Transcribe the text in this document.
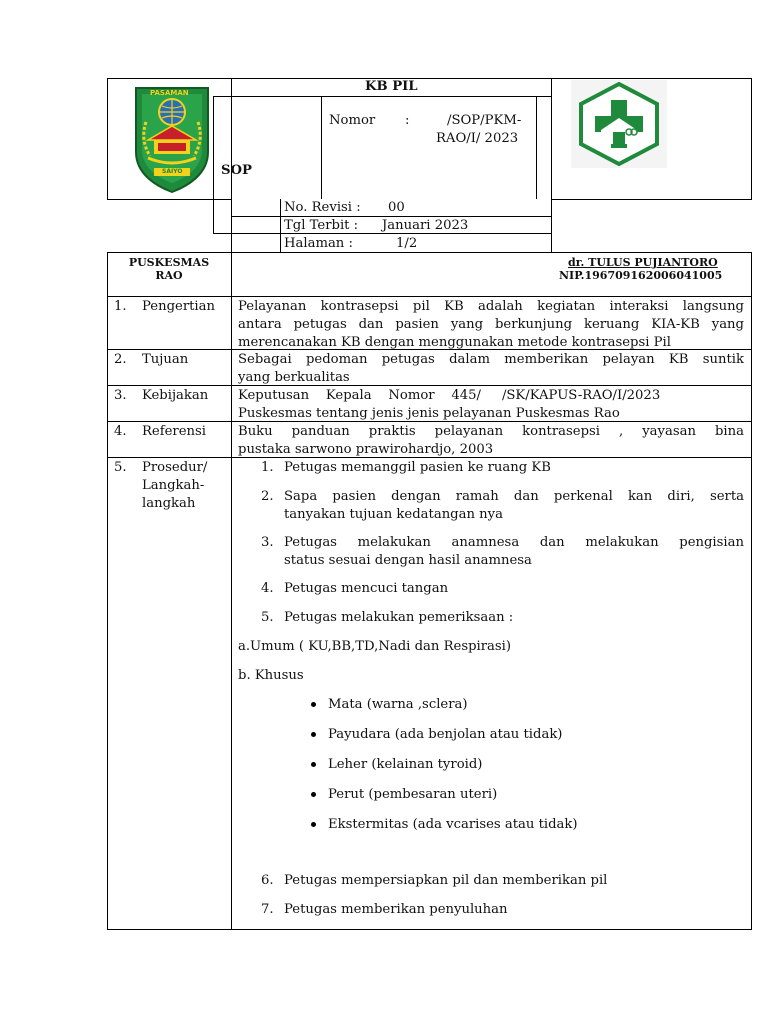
PASAMAN
SAIYO
KB PIL
SOP
Nomor :	/SOP/PKM-
RAO/I/ 2023
No. Revisi : 00
Tgl Terbit : Januari 2023
Halaman :	1/2
PUSKESMAS
RAO
dr. TULUS PUJIANTORO
NIP.196709162006041005
1. Pengertian Pelayanan kontrasepsi pil KB adalah kegiatan interaksi langsung
antara petugas dan pasien yang berkunjung keruang KIA-KB yang
merencanakan KB dengan menggunakan metode kontrasepsi Pil
2. Tujuan	Sebagai pedoman petugas dalam memberikan pelayan KB suntik
yang berkualitas
3. Kebijakan Keputusan    Kepala    Nomor    445/     /SK/KAPUS-RAO/I/2023
Puskesmas tentang jenis jenis pelayanan Puskesmas Rao
4. Referensi Buku panduan praktis pelayanan kontrasepsi , yayasan bina
pustaka sarwono prawirohardjo, 2003
5. Prosedur/
Langkah-
langkah
1. Petugas memanggil pasien ke ruang KB
2. Sapa pasien dengan ramah dan perkenal kan diri, serta
tanyakan tujuan kedatangan nya
3. Petugas melakukan anamnesa dan melakukan pengisian
status sesuai dengan hasil anamnesa
4. Petugas mencuci tangan
5. Petugas melakukan pemeriksaan :
a.Umum ( KU,BB,TD,Nadi dan Respirasi)
b. Khusus
Mata (warna ,sclera)
Payudara (ada benjolan atau tidak)
Leher (kelainan tyroid)
Perut (pembesaran uteri)
Ekstermitas (ada vcarises atau tidak)
6. Petugas mempersiapkan pil dan memberikan pil
7. Petugas memberikan penyuluhan
